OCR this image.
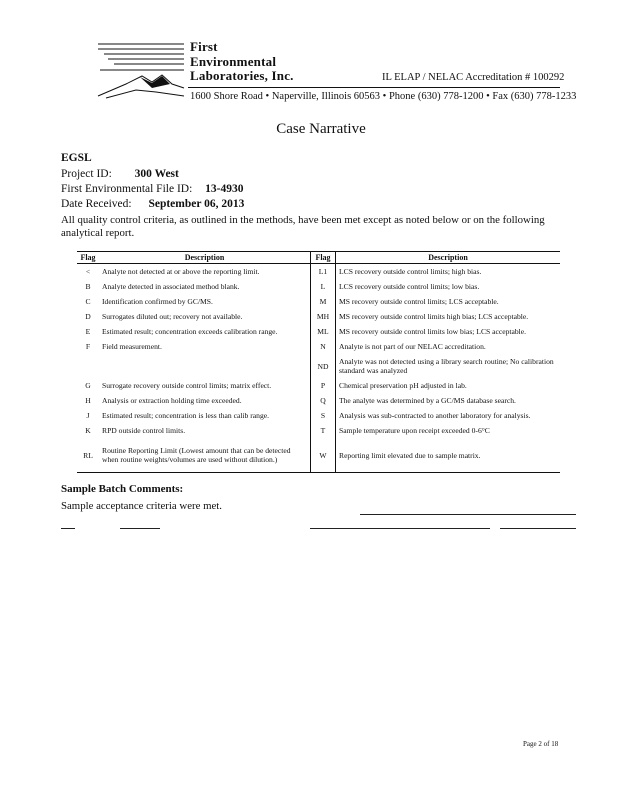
First
Environmental
Laboratories, Inc.	IL ELAP / NELAC Accreditation # 100292
1600 Shore Road • Naperville, Illinois 60563 • Phone (630) 778-1200 • Fax (630) 778-1233
Case Narrative
EGSL
Project ID: 300 West
First Environmental File ID: 13-4930
Date Received: September 06, 2013
All quality control criteria, as outlined in the methods, have been met except as noted below or on the following analytical report.
Flag	Description	Flag	Description
<	Analyte not detected at or above the reporting limit.	L1	LCS recovery outside control limits; high bias.
B	Analyte detected in associated method blank.	L	LCS recovery outside control limits; low bias.
C	Identification confirmed by GC/MS.	M	MS recovery outside control limits; LCS acceptable.
D	Surrogates diluted out; recovery not available.	MH	MS recovery outside control limits high bias; LCS acceptable.
E	Estimated result; concentration exceeds calibration range.	ML	MS recovery outside control limits low bias; LCS acceptable.
F	Field measurement.	N	Analyte is not part of our NELAC accreditation.
		ND	Analyte was not detected using a library search routine; No calibration standard was analyzed
G	Surrogate recovery outside control limits; matrix effect.	P	Chemical preservation pH adjusted in lab.
H	Analysis or extraction holding time exceeded.	Q	The analyte was determined by a GC/MS database search.
J	Estimated result; concentration is less than calib range.	S	Analysis was sub-contracted to another laboratory for analysis.
K	RPD outside control limits.	T	Sample temperature upon receipt exceeded 0-6°C
RL	Routine Reporting Limit (Lowest amount that can be detected when routine weights/volumes are used without dilution.)	W	Reporting limit elevated due to sample matrix.
Sample Batch Comments:
Sample acceptance criteria were met.
Page 2 of 18
